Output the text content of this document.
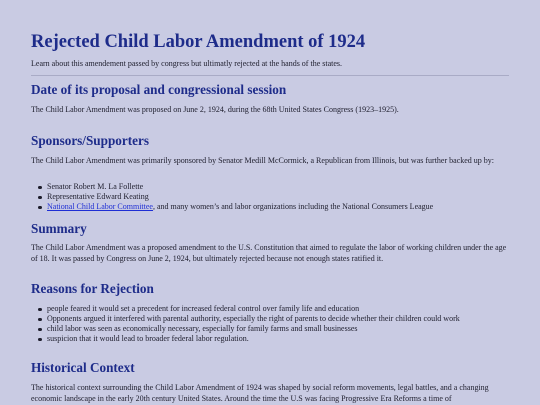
Rejected Child Labor Amendment of 1924

Learn about this amendement passed by congress but ultimatly rejected at the hands of the states.

Date of its proposal and congressional session

The Child Labor Amendment was proposed on June 2, 1924, during the 68th United States Congress (1923–1925).

Sponsors/Supporters

The Child Labor Amendment was primarily sponsored by Senator Medill McCormick, a Republican from Illinois, but was further backed up by:

Senator Robert M. La Follette
Representative Edward Keating
National Child Labor Committee, and many women’s and labor organizations including the National Consumers League
Summary

The Child Labor Amendment was a proposed amendment to the U.S. Constitution that aimed to regulate the labor of working children under the age of 18. It was passed by Congress on June 2, 1924, but ultimately rejected because not enough states ratified it.

Reasons for Rejection
people feared it would set a precedent for increased federal control over family life and education
Opponents argued it interfered with parental authority, especially the right of parents to decide whether their children could work
child labor was seen as economically necessary, especially for family farms and small businesses
suspicion that it would lead to broader federal labor regulation.
Historical Context

The historical context surrounding the Child Labor Amendment of 1924 was shaped by social reform movements, legal battles, and a changing economic landscape in the early 20th century United States. Around the time the U.S was facing Progressive Era Reforms a time of
